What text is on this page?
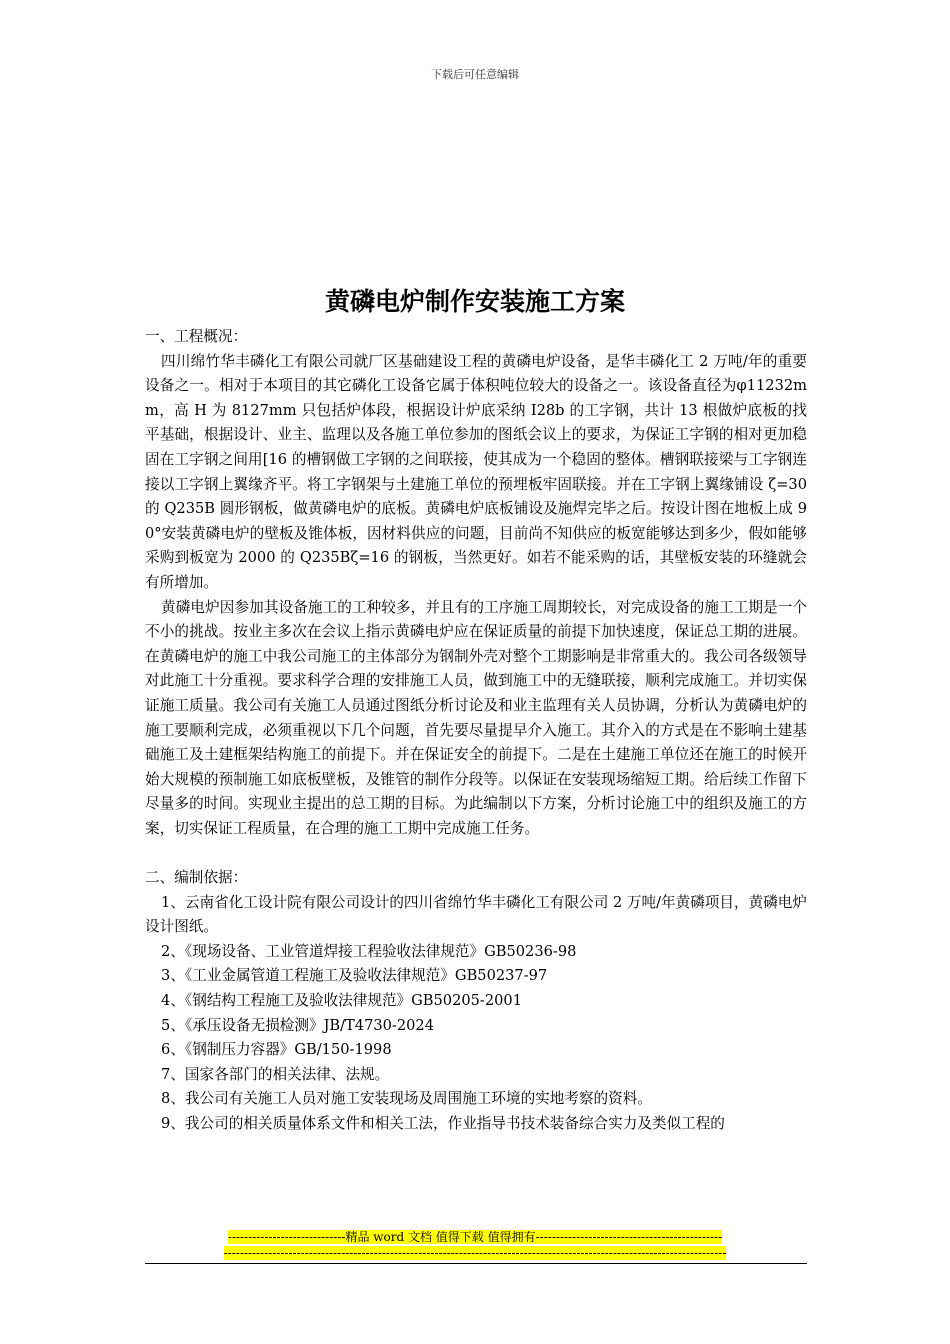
下载后可任意编辑
黄磷电炉制作安装施工方案

一、工程概况：

四川绵竹华丰磷化工有限公司就厂区基础建设工程的黄磷电炉设备，是华丰磷化工 2 万吨/年的重要设备之一。相对于本项目的其它磷化工设备它属于体积吨位较大的设备之一。该设备直径为φ11232mm，高 H 为 8127mm 只包括炉体段，根据设计炉底采纳 I28b 的工字钢，共计 13 根做炉底板的找平基础，根据设计、业主、监理以及各施工单位参加的图纸会议上的要求，为保证工字钢的相对更加稳固在工字钢之间用[16 的槽钢做工字钢的之间联接，使其成为一个稳固的整体。槽钢联接梁与工字钢连接以工字钢上翼缘齐平。将工字钢架与土建施工单位的预埋板牢固联接。并在工字钢上翼缘铺设 ζ=30 的 Q235B 圆形钢板，做黄磷电炉的底板。黄磷电炉底板铺设及施焊完毕之后。按设计图在地板上成 90°安装黄磷电炉的壁板及锥体板，因材料供应的问题，目前尚不知供应的板宽能够达到多少，假如能够采购到板宽为 2000 的 Q235Bζ=16 的钢板，当然更好。如若不能采购的话，其壁板安装的环缝就会有所增加。

黄磷电炉因参加其设备施工的工种较多，并且有的工序施工周期较长，对完成设备的施工工期是一个不小的挑战。按业主多次在会议上指示黄磷电炉应在保证质量的前提下加快速度，保证总工期的进展。在黄磷电炉的施工中我公司施工的主体部分为钢制外壳对整个工期影响是非常重大的。我公司各级领导对此施工十分重视。要求科学合理的安排施工人员，做到施工中的无缝联接，顺利完成施工。并切实保证施工质量。我公司有关施工人员通过图纸分析讨论及和业主监理有关人员协调，分析认为黄磷电炉的施工要顺利完成，必须重视以下几个问题，首先要尽量提早介入施工。其介入的方式是在不影响土建基础施工及土建框架结构施工的前提下。并在保证安全的前提下。二是在土建施工单位还在施工的时候开始大规模的预制施工如底板壁板，及锥管的制作分段等。以保证在安装现场缩短工期。给后续工作留下尽量多的时间。实现业主提出的总工期的目标。为此编制以下方案，分析讨论施工中的组织及施工的方案，切实保证工程质量，在合理的施工工期中完成施工任务。

二、编制依据：

1、云南省化工设计院有限公司设计的四川省绵竹华丰磷化工有限公司 2 万吨/年黄磷项目，黄磷电炉设计图纸。

2、《现场设备、工业管道焊接工程验收法律规范》GB50236-98

3、《工业金属管道工程施工及验收法律规范》GB50237-97

4、《钢结构工程施工及验收法律规范》GB50205-2001

5、《承压设备无损检测》JB/T4730-2024

6、《钢制压力容器》GB/150-1998

7、国家各部门的相关法律、法规。

8、我公司有关施工人员对施工安装现场及周围施工环境的实地考察的资料。

9、我公司的相关质量体系文件和相关工法，作业指导书技术装备综合实力及类似工程的

-----------------------------精品 word 文档 值得下载 值得拥有----------------------------------------------
----------------------------------------------------------------------------------------------------------------------------
